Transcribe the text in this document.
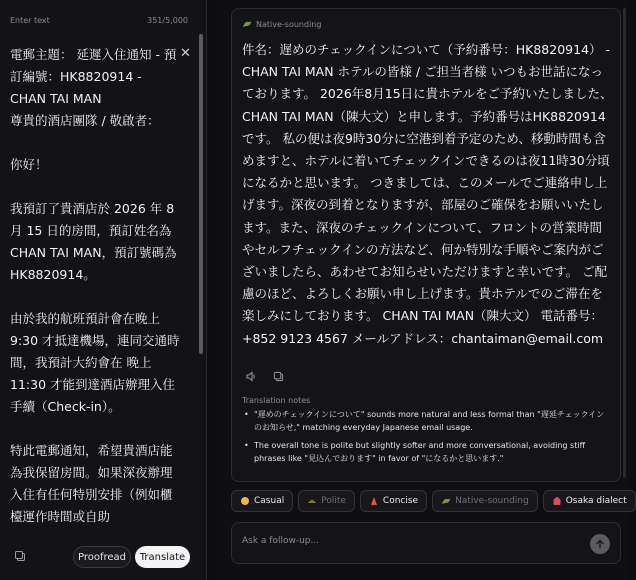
Enter text	351/5,000
電郵主題： 延遲入住通知 - 預訂編號：HK8820914 - CHAN TAI MAN
尊貴的酒店團隊 / 敬啟者：

你好！

我預訂了貴酒店於 2026 年 8 月 15 日的房間，預訂姓名為 CHAN TAI MAN，預訂號碼為 HK8820914。

由於我的航班預計會在晚上 9:30 才抵達機場，連同交通時間，我預計大約會在 晚上 11:30 才能到達酒店辦理入住手續（Check-in）。

特此電郵通知，希望貴酒店能為我保留房間。如果深夜辦理入住有任何特別安排（例如櫃檯運作時間或自助
✕
Proofread	Translate
Native-sounding
件名：遅めのチェックインについて（予約番号：HK8820914） - CHAN TAI MAN ホテルの皆様 / ご担当者様 いつもお世話になっております。 2026年8月15日に貴ホテルをご予約いたしました、CHAN TAI MAN（陳大文）と申します。予約番号はHK8820914です。 私の便は夜9時30分に空港到着予定のため、移動時間も含めますと、ホテルに着いてチェックインできるのは夜11時30分頃になるかと思います。 つきましては、このメールでご連絡申し上げます。深夜の到着となりますが、部屋のご確保をお願いいたします。また、深夜のチェックインについて、フロントの営業時間やセルフチェックインの方法など、何か特別な手順やご案内がございましたら、あわせてお知らせいただけますと幸いです。 ご配慮のほど、よろしくお願い申し上げます。貴ホテルでのご滞在を楽しみにしております。 CHAN TAI MAN（陳大文） 電話番号：+852 9123 4567 メールアドレス：chantaiman@email.com
Translation notes
• "遅めのチェックインについて" sounds more natural and less formal than "遅延チェックインのお知らせ," matching everyday Japanese email usage.
• The overall tone is polite but slightly softer and more conversational, avoiding stiff phrases like "見込んでおります" in favor of "になるかと思います."
Casual	Polite	Concise	Native-sounding	Osaka dialect
Ask a follow-up...
